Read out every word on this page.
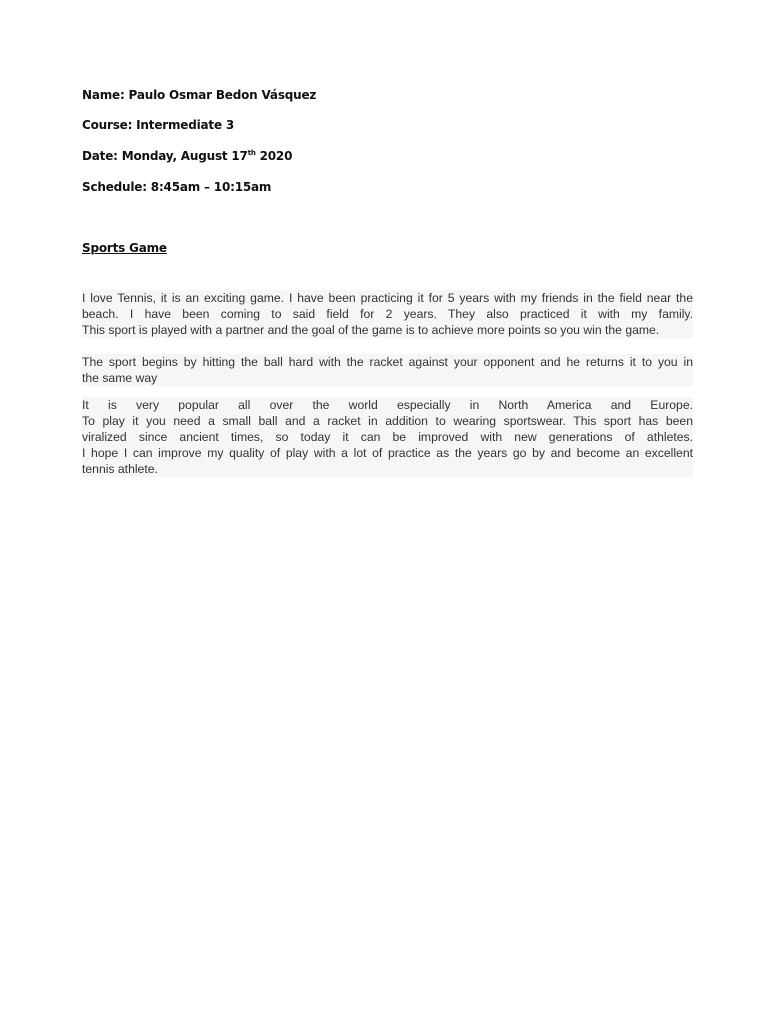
Name: Paulo Osmar Bedon Vásquez
Course: Intermediate 3
Date: Monday, August 17th 2020
Schedule: 8:45am – 10:15am
Sports Game
I love Tennis, it is an exciting game. I have been practicing it for 5 years with my friends in the field near the
beach. I have been coming to said field for 2 years. They also practiced it with my family.
This sport is played with a partner and the goal of the game is to achieve more points so you win the game.
The sport begins by hitting the ball hard with the racket against your opponent and he returns it to you in
the same way
It is very popular all over the world especially in North America and Europe.
To play it you need a small ball and a racket in addition to wearing sportswear. This sport has been
viralized since ancient times, so today it can be improved with new generations of athletes.
I hope I can improve my quality of play with a lot of practice as the years go by and become an excellent
tennis athlete.
